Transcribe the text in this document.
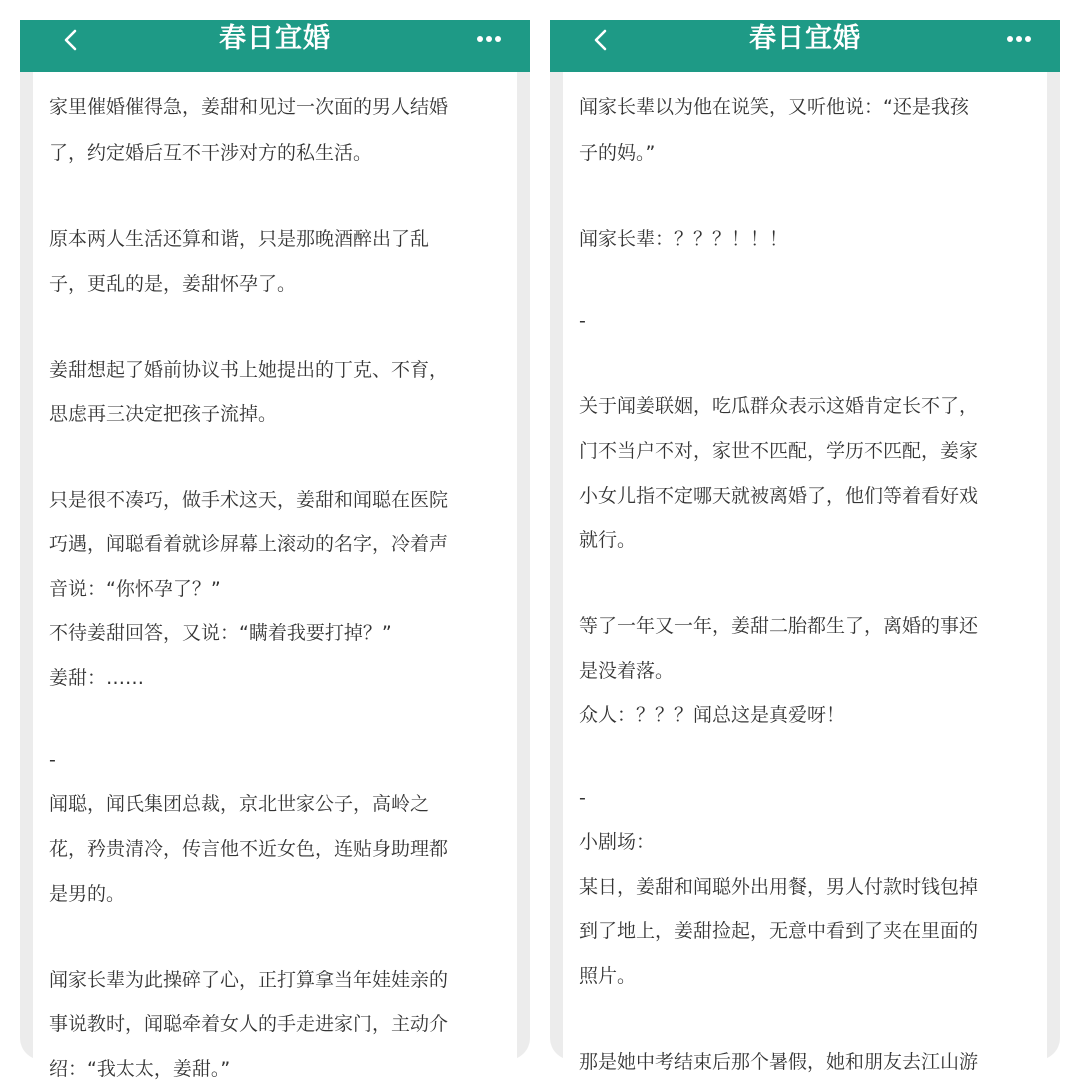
春日宜婚
家里催婚催得急，姜甜和见过一次面的男人结婚
了，约定婚后互不干涉对方的私生活。
原本两人生活还算和谐，只是那晚酒醉出了乱
子，更乱的是，姜甜怀孕了。
姜甜想起了婚前协议书上她提出的丁克、不育，
思虑再三决定把孩子流掉。
只是很不凑巧，做手术这天，姜甜和闻聪在医院
巧遇，闻聪看着就诊屏幕上滚动的名字，冷着声
音说：“你怀孕了？”
不待姜甜回答，又说：“瞒着我要打掉？”
姜甜：……
-
闻聪，闻氏集团总裁，京北世家公子，高岭之
花，矜贵清冷，传言他不近女色，连贴身助理都
是男的。
闻家长辈为此操碎了心，正打算拿当年娃娃亲的
事说教时，闻聪牵着女人的手走进家门，主动介
绍：“我太太，姜甜。”
春日宜婚
闻家长辈以为他在说笑，又听他说：“还是我孩
子的妈。”
闻家长辈：？？？！！！
-
关于闻姜联姻，吃瓜群众表示这婚肯定长不了，
门不当户不对，家世不匹配，学历不匹配，姜家
小女儿指不定哪天就被离婚了，他们等着看好戏
就行。
等了一年又一年，姜甜二胎都生了，离婚的事还
是没着落。
众人：？？？闻总这是真爱呀！
-
小剧场：
某日，姜甜和闻聪外出用餐，男人付款时钱包掉
到了地上，姜甜捡起，无意中看到了夹在里面的
照片。
那是她中考结束后那个暑假，她和朋友去江山游
